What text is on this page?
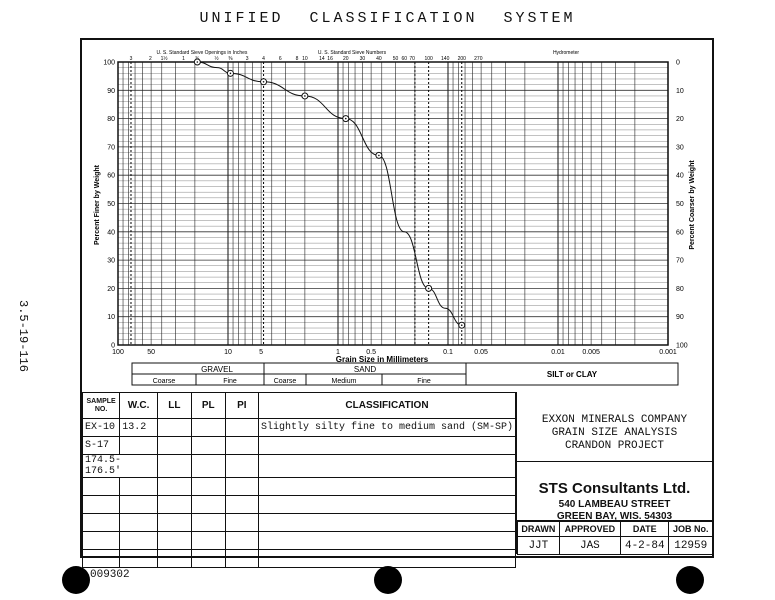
UNIFIED CLASSIFICATION SYSTEM
3.5-19-116
U. S. Standard Sieve Openings in Inches	U. S. Standard Sieve Numbers	Hydrometer
3	2 1½	1	½ ⅜	3	4	6	8 10 14 16 20 30 40 50 60 70 100 140 200 270
0
10
20
30
40
50
60
70
80
90
100
100
90
80
70
60
50
40
30
20
10
0
100	50	10	5	1	0.5	0.1	0.05	0.01	0.005	0.001
Grain Size in Millimeters
Percent Finer by Weight	Percent Coarser by Weight
GRAVEL	SAND
Coarse	Fine	Coarse	Medium	Fine
SILT or CLAY
SAMPLE NO.	W.C.	LL	PL	PI	CLASSIFICATION
EX-10	13.2				Slightly silty fine to medium sand (SM-SP)
S-17					
174.5-176.5'					

EXXON MINERALS COMPANY
GRAIN SIZE ANALYSIS
CRANDON PROJECT
STS Consultants Ltd.
540 LAMBEAU STREET
GREEN BAY, WIS. 54303
DRAWN	APPROVED	DATE	JOB No.
JJT	JAS	4-2-84	12959
009302
